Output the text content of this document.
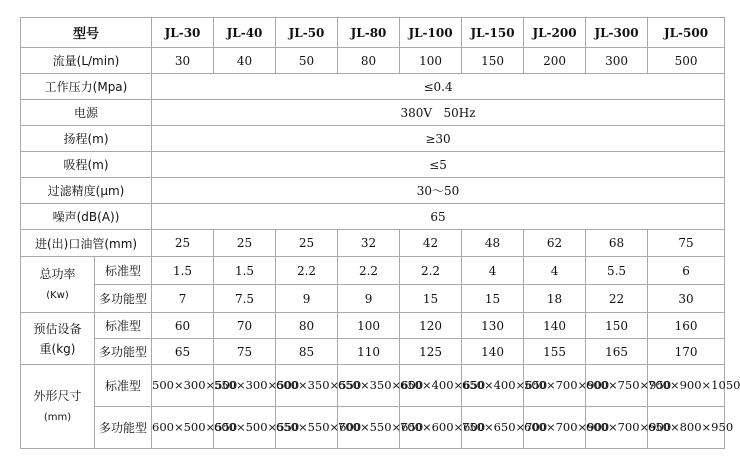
型号		JL-30	JL-40	JL-50	JL-80	JL-100	JL-150	JL-200	JL-300	JL-500
流量(L/min)		30	40	50	80	100	150	200	300	500
工作压力(Mpa)		≤0.4								
电源		380V   50Hz								
扬程(m)		≥30								
吸程(m)		≤5								
过滤精度(μm)		30～50								
噪声(dB(A))		65								
进(出)口油管(mm)		25	25	25	32	42	48	62	68	75
总功率
(Kw)	标准型	1.5	1.5	2.2	2.2	2.2	4	4	5.5	6
	多功能型	7	7.5	9	9	15	15	18	22	30
预估设备
重(kg)	标准型	60	70	80	100	120	130	140	150	160
	多功能型	65	75	85	110	125	140	155	165	170
外形尺寸
(mm)	标准型	500×300×500	550×300×500	600×350×550	650×350×600	650×400×650	650×400×650	500×700×900	600×750×950	700×900×1050
	多功能型	600×500×550	600×500×550	650×550×600	700×550×650	700×600×600	750×650×700	600×700×900	600×700×900	650×800×950
